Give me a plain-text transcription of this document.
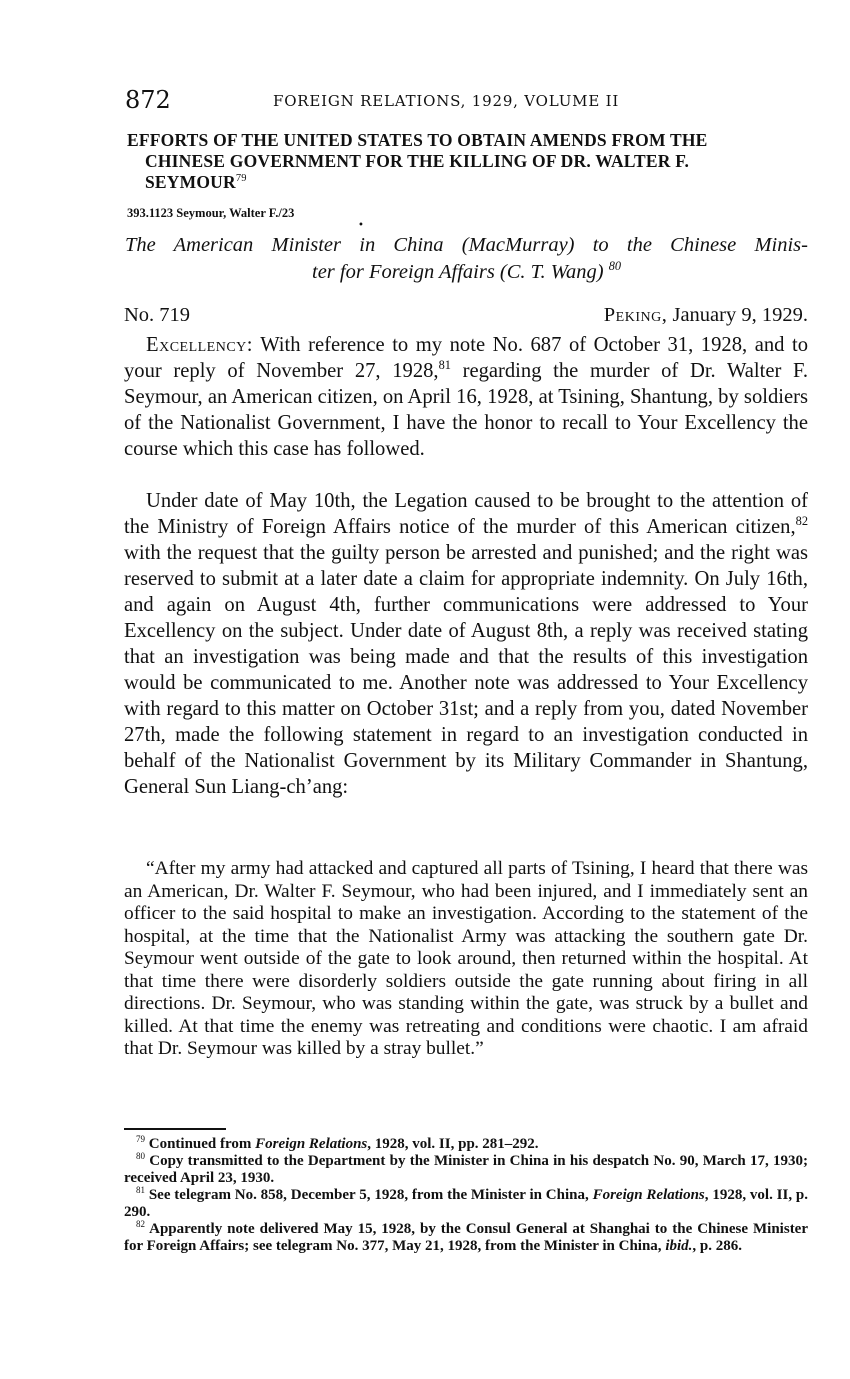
872	FOREIGN RELATIONS, 1929, VOLUME II
EFFORTS OF THE UNITED STATES TO OBTAIN AMENDS FROM THE
CHINESE GOVERNMENT FOR THE KILLING OF DR. WALTER F.
SEYMOUR$^{79}$
393.1123 Seymour, Walter F./23
•
The American Minister in China (MacMurray) to the Chinese Minis-
ter for Foreign Affairs (C. T. Wang) $^{80}$
No. 719	Peking, January 9, 1929.
Excellency: With reference to my note No. 687 of October 31, 1928, and to your reply of November 27, 1928,81 regarding the murder of Dr. Walter F. Seymour, an American citizen, on April 16, 1928, at Tsining, Shantung, by soldiers of the Nationalist Government, I have the honor to recall to Your Excellency the course which this case has followed.
Under date of May 10th, the Legation caused to be brought to the attention of the Ministry of Foreign Affairs notice of the murder of this American citizen,$^{82}$ with the request that the guilty person be arrested and punished; and the right was reserved to submit at a later date a claim for appropriate indemnity. On July 16th, and again on August 4th, further communications were addressed to Your Excellency on the subject. Under date of August 8th, a reply was received stating that an investigation was being made and that the results of this investigation would be communicated to me. Another note was addressed to Your Excellency with regard to this matter on October 31st; and a reply from you, dated November 27th, made the following statement in regard to an investigation conducted in behalf of the Nationalist Government by its Military Commander in Shantung, General Sun Liang-ch’ang:
“After my army had attacked and captured all parts of Tsining, I heard that there was an American, Dr. Walter F. Seymour, who had been injured, and I immediately sent an officer to the said hospital to make an investigation. According to the statement of the hospital, at the time that the Nationalist Army was attacking the southern gate Dr. Seymour went outside of the gate to look around, then returned within the hospital. At that time there were disorderly soldiers outside the gate running about firing in all directions. Dr. Seymour, who was standing within the gate, was struck by a bullet and killed. At that time the enemy was retreating and conditions were chaotic. I am afraid that Dr. Seymour was killed by a stray bullet.”

$^{79}$ Continued from Foreign Relations, 1928, vol. II, pp. 281–292.

$^{80}$ Copy transmitted to the Department by the Minister in China in his despatch No. 90, March 17, 1930; received April 23, 1930.

$^{81}$ See telegram No. 858, December 5, 1928, from the Minister in China, Foreign Relations, 1928, vol. II, p. 290.

$^{82}$ Apparently note delivered May 15, 1928, by the Consul General at Shanghai to the Chinese Minister for Foreign Affairs; see telegram No. 377, May 21, 1928, from the Minister in China, ibid., p. 286.
